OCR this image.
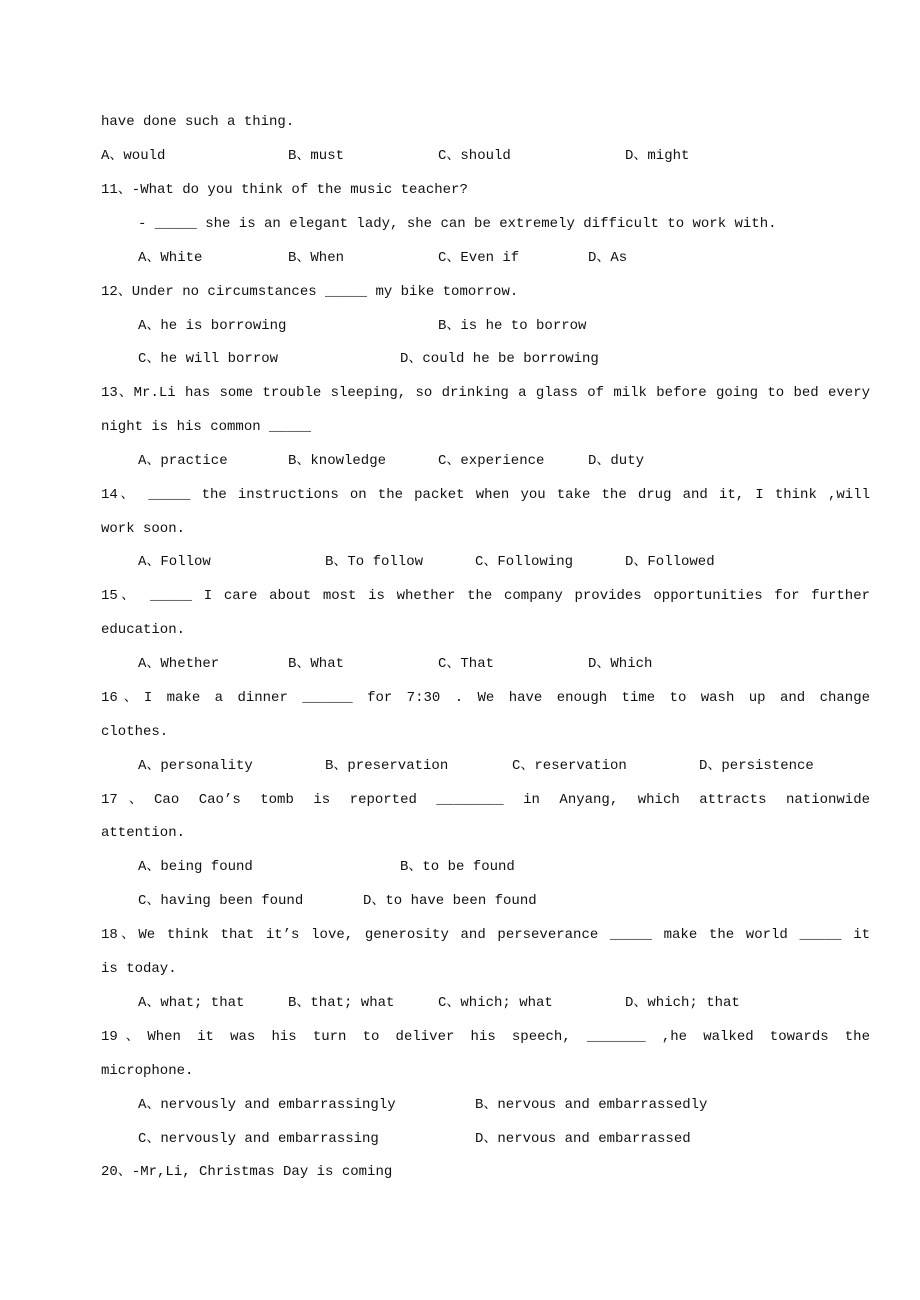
have done such a thing.
A、would	B、must	C、should	D、might
11、-What do you think of the music teacher?
- _____ she is an elegant lady, she can be extremely difficult to work with.
A、White	B、When	C、Even if	D、As
12、Under no circumstances _____ my bike tomorrow.
A、he is borrowing	B、is he to borrow
C、he will borrow	D、could he be borrowing
13、Mr.Li has some trouble sleeping, so drinking a glass of milk before going to bed every
night is his common _____
A、practice	B、knowledge	C、experience	D、duty
14、 _____ the instructions on the packet when you take the drug and it, I think ,will
work soon.
A、Follow	B、To follow	C、Following	D、Followed
15、 _____ I care about most is whether the company provides opportunities for further
education.
A、Whether	B、What	C、That	D、Which
16、I make a dinner ______ for 7:30 . We have enough time to wash up and change
clothes.
A、personality	B、preservation	C、reservation	D、persistence
17、Cao Cao’s tomb is reported ________ in Anyang, which attracts nationwide
attention.
A、being found	B、to be found
C、having been found	D、to have been found
18、We think that it’s love, generosity and perseverance _____ make the world _____ it
is today.
A、what; that	B、that; what	C、which; what	D、which; that
19、When it was his turn to deliver his speech, _______ ,he walked towards the
microphone.
A、nervously and embarrassingly	B、nervous and embarrassedly
C、nervously and embarrassing	D、nervous and embarrassed
20、-Mr,Li, Christmas Day is coming
